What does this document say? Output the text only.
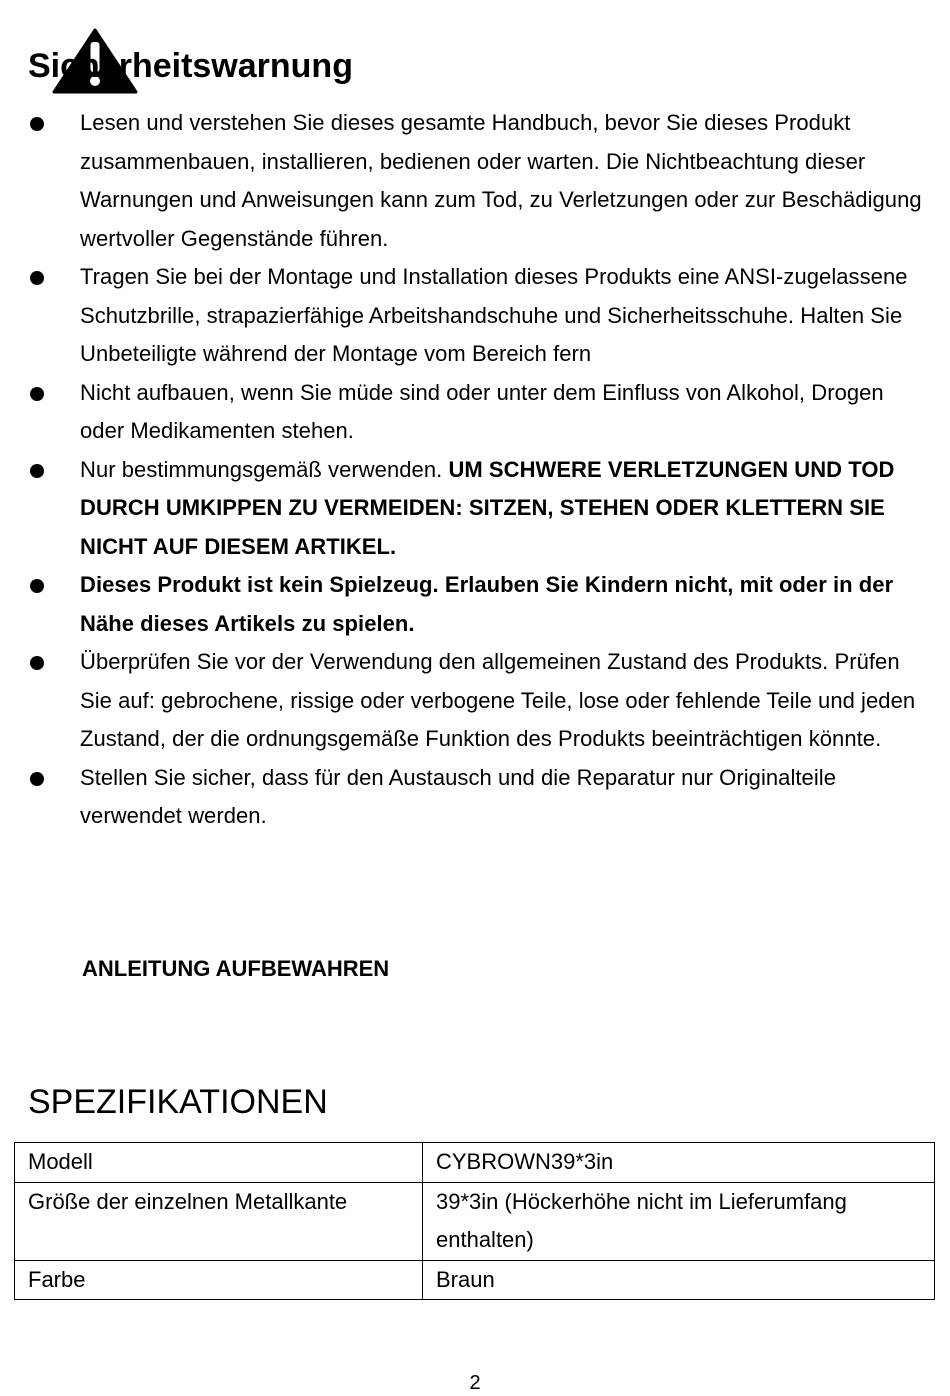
Sicherheitswarnung
Lesen und verstehen Sie dieses gesamte Handbuch, bevor Sie dieses Produkt zusammenbauen, installieren, bedienen oder warten. Die Nichtbeachtung dieser Warnungen und Anweisungen kann zum Tod, zu Verletzungen oder zur Beschädigung wertvoller Gegenstände führen.
Tragen Sie bei der Montage und Installation dieses Produkts eine ANSI-zugelassene Schutzbrille, strapazierfähige Arbeitshandschuhe und Sicherheitsschuhe. Halten Sie Unbeteiligte während der Montage vom Bereich fern
Nicht aufbauen, wenn Sie müde sind oder unter dem Einfluss von Alkohol, Drogen oder Medikamenten stehen.
Nur bestimmungsgemäß verwenden. UM SCHWERE VERLETZUNGEN UND TOD DURCH UMKIPPEN ZU VERMEIDEN: SITZEN, STEHEN ODER KLETTERN SIE NICHT AUF DIESEM ARTIKEL.
Dieses Produkt ist kein Spielzeug. Erlauben Sie Kindern nicht, mit oder in der Nähe dieses Artikels zu spielen.
Überprüfen Sie vor der Verwendung den allgemeinen Zustand des Produkts. Prüfen Sie auf: gebrochene, rissige oder verbogene Teile, lose oder fehlende Teile und jeden Zustand, der die ordnungsgemäße Funktion des Produkts beeinträchtigen könnte.
Stellen Sie sicher, dass für den Austausch und die Reparatur nur Originalteile verwendet werden.

ANLEITUNG AUFBEWAHREN

SPEZIFIKATIONEN
Modell	CYBROWN39*3in
Größe der einzelnen Metallkante	39*3in (Höckerhöhe nicht im Lieferumfang enthalten)
Farbe	Braun

2
